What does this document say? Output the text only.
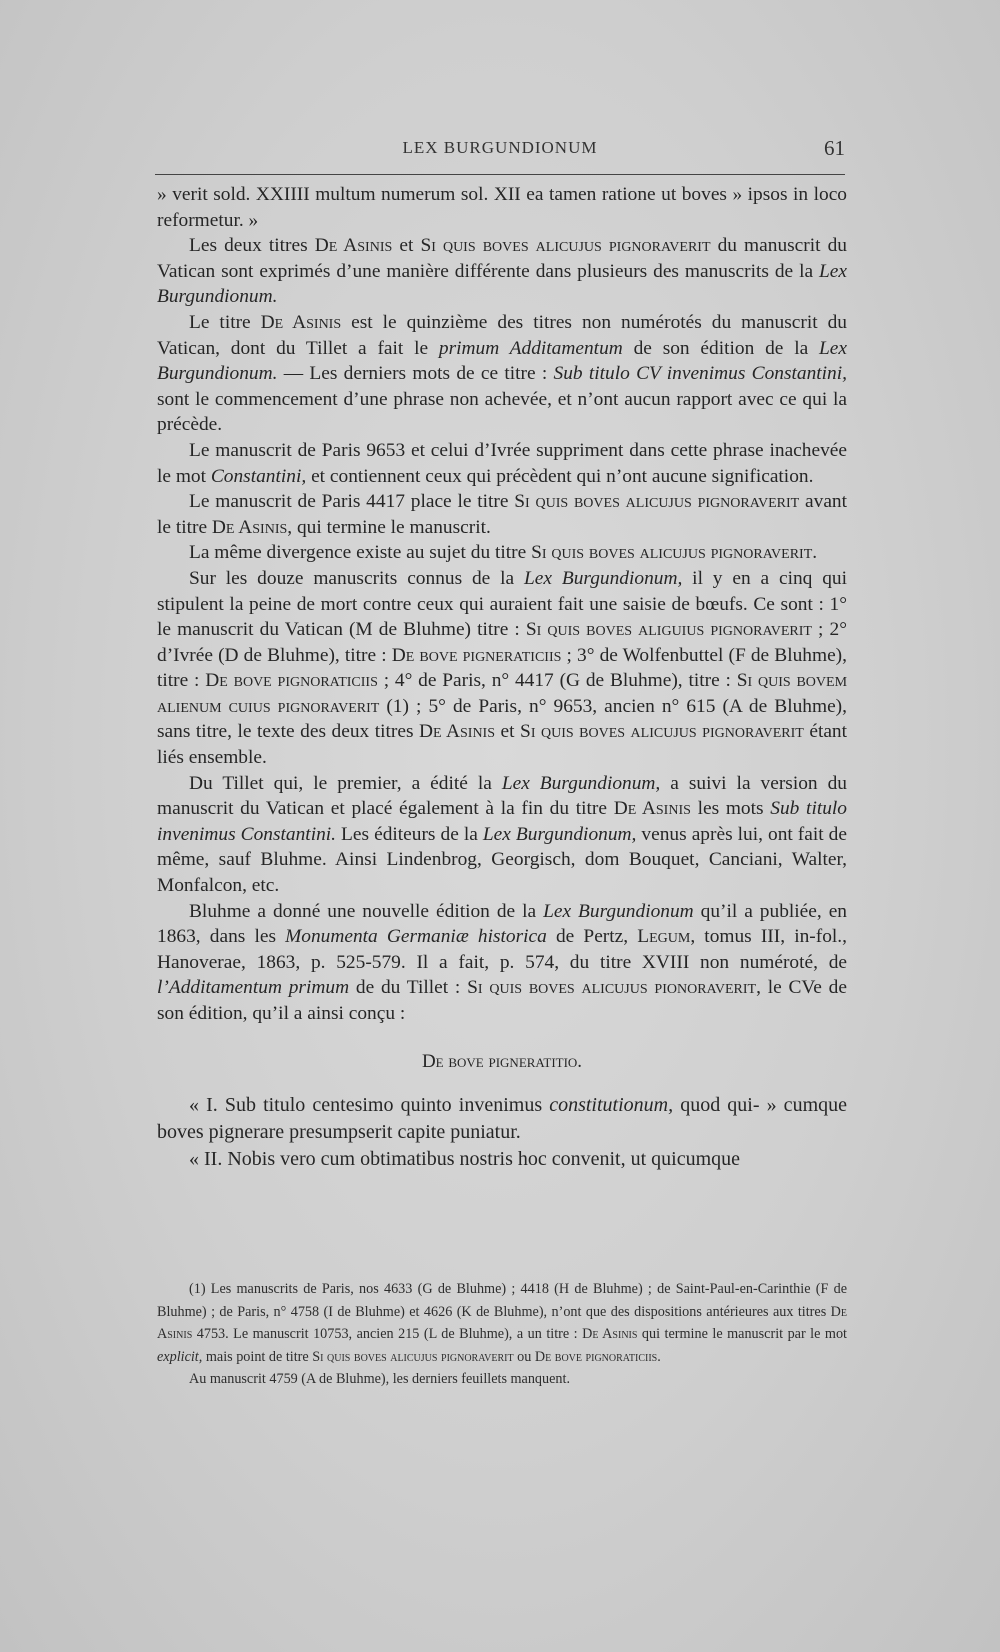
LEX BURGUNDIONUM	61

» verit sold. XXIIII multum numerum sol. XII ea tamen ratione ut boves » ipsos in loco reformetur. »

Les deux titres De Asinis et Si quis boves alicujus pignoraverit du manuscrit du Vatican sont exprimés d’une manière différente dans plusieurs des manuscrits de la Lex Burgundionum.

Le titre De Asinis est le quinzième des titres non numérotés du manuscrit du Vatican, dont du Tillet a fait le primum Additamentum de son édition de la Lex Burgundionum. — Les derniers mots de ce titre : Sub titulo CV invenimus Constantini, sont le commencement d’une phrase non achevée, et n’ont aucun rapport avec ce qui la précède.

Le manuscrit de Paris 9653 et celui d’Ivrée suppriment dans cette phrase inachevée le mot Constantini, et contiennent ceux qui précèdent qui n’ont aucune signification.

Le manuscrit de Paris 4417 place le titre Si quis boves alicujus pignoraverit avant le titre De Asinis, qui termine le manuscrit.

La même divergence existe au sujet du titre Si quis boves alicujus pignoraverit.

Sur les douze manuscrits connus de la Lex Burgundionum, il y en a cinq qui stipulent la peine de mort contre ceux qui auraient fait une saisie de bœufs. Ce sont : 1° le manuscrit du Vatican (M de Bluhme) titre : Si quis boves aliguius pignoraverit ; 2° d’Ivrée (D de Bluhme), titre : De bove pigneraticiis ; 3° de Wolfenbuttel (F de Bluhme), titre : De bove pignoraticiis ; 4° de Paris, n° 4417 (G de Bluhme), titre : Si quis bovem alienum cuius pignoraverit (1) ; 5° de Paris, n° 9653, ancien n° 615 (A de Bluhme), sans titre, le texte des deux titres De Asinis et Si quis boves alicujus pignoraverit étant liés ensemble.

Du Tillet qui, le premier, a édité la Lex Burgundionum, a suivi la version du manuscrit du Vatican et placé également à la fin du titre De Asinis les mots Sub titulo invenimus Constantini. Les éditeurs de la Lex Burgundionum, venus après lui, ont fait de même, sauf Bluhme. Ainsi Lindenbrog, Georgisch, dom Bouquet, Canciani, Walter, Monfalcon, etc.

Bluhme a donné une nouvelle édition de la Lex Burgundionum qu’il a publiée, en 1863, dans les Monumenta Germaniæ historica de Pertz, Legum, tomus III, in-fol., Hanoverae, 1863, p. 525-579. Il a fait, p. 574, du titre XVIII non numéroté, de l’Additamentum primum de du Tillet : Si quis boves alicujus pionoraverit, le CVe de son édition, qu’il a ainsi conçu :

De bove pigneratitio.

« I. Sub titulo centesimo quinto invenimus constitutionum, quod qui- » cumque boves pignerare presumpserit capite puniatur.

« II. Nobis vero cum obtimatibus nostris hoc convenit, ut quicumque

(1) Les manuscrits de Paris, nos 4633 (G de Bluhme) ; 4418 (H de Bluhme) ; de Saint-Paul-en-Carinthie (F de Bluhme) ; de Paris, n° 4758 (I de Bluhme) et 4626 (K de Bluhme), n’ont que des dispositions antérieures aux titres De Asinis 4753. Le manuscrit 10753, ancien 215 (L de Bluhme), a un titre : De Asinis qui termine le manuscrit par le mot explicit, mais point de titre Si quis boves alicujus pignoraverit ou De bove pignoraticiis.

Au manuscrit 4759 (A de Bluhme), les derniers feuillets manquent.
